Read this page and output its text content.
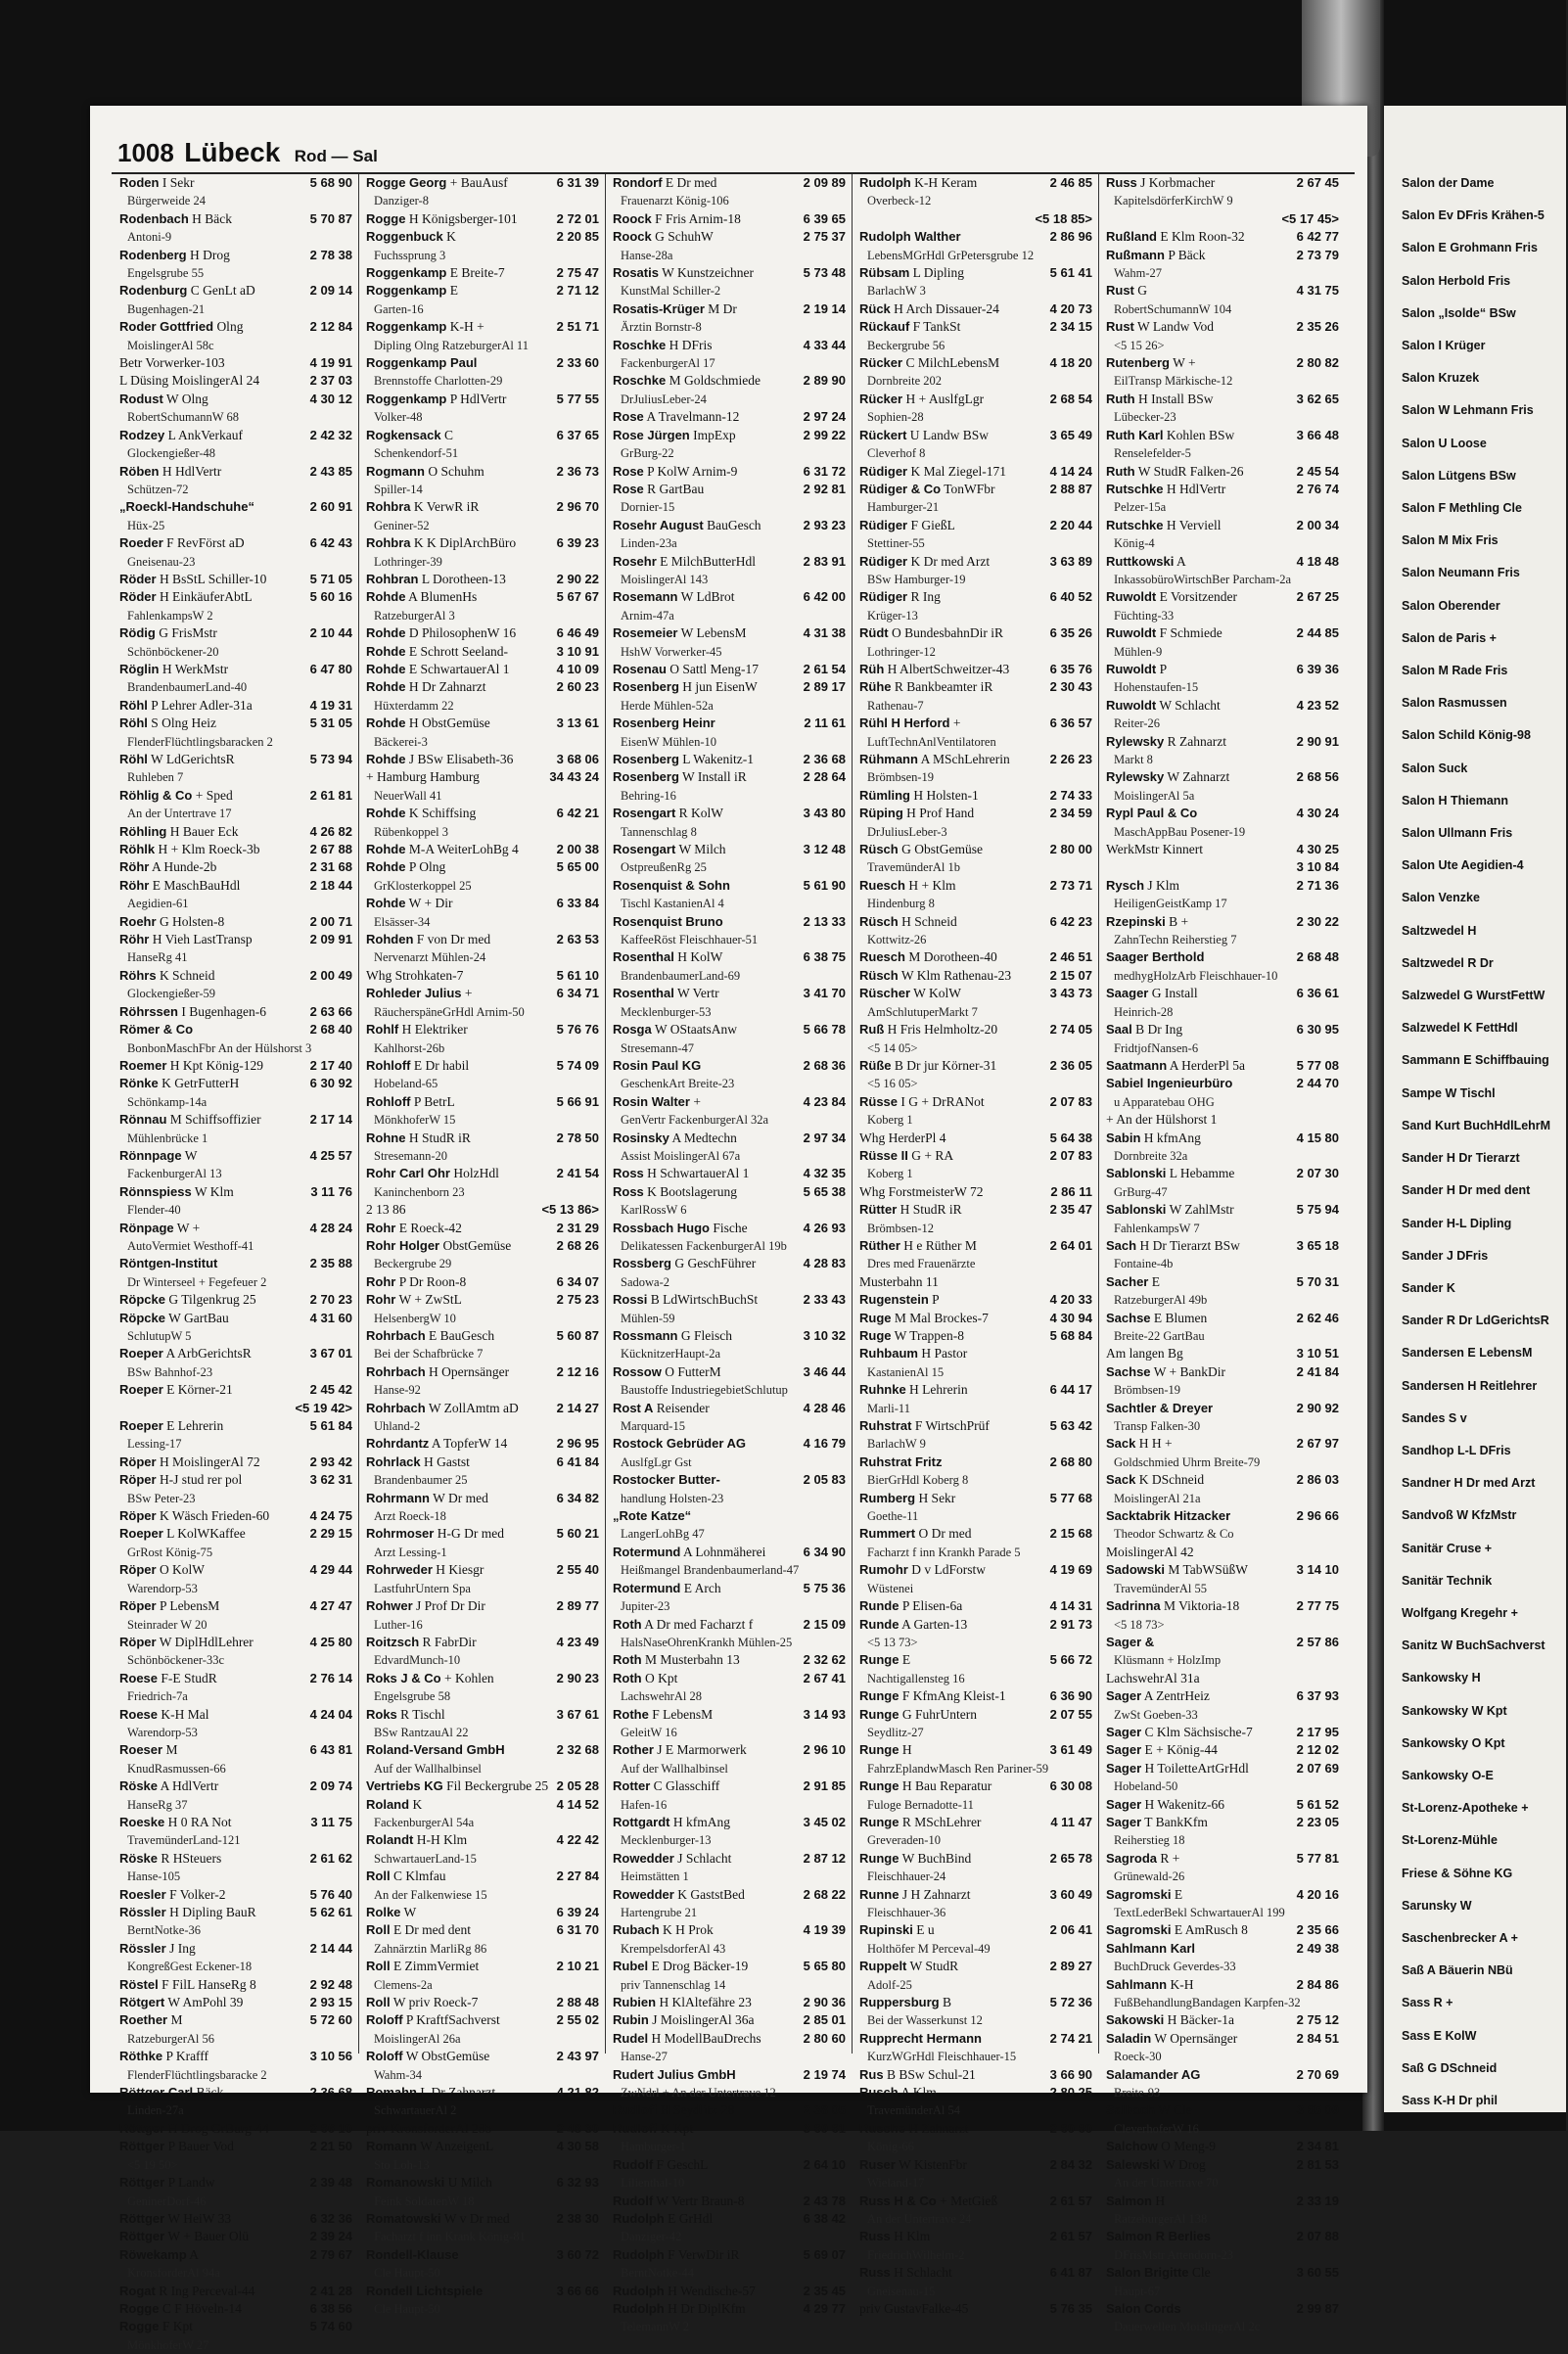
Salon der Dame
Salon Ev DFris Krähen-5
Salon E Grohmann Fris
Salon Herbold Fris
Salon „Isolde“ BSw
Salon I Krüger
Salon Kruzek
Salon W Lehmann Fris
Salon U Loose
Salon Lütgens BSw
Salon F Methling Cle
Salon M Mix Fris
Salon Neumann Fris
Salon Oberender
Salon de Paris +
Salon M Rade Fris
Salon Rasmussen
Salon Schild König-98
Salon Suck
Salon H Thiemann
Salon Ullmann Fris
Salon Ute Aegidien-4
Salon Venzke
Saltzwedel H
Saltzwedel R Dr
Salzwedel G WurstFettW
Salzwedel K FettHdl
Sammann E Schiffbauing
Sampe W Tischl
Sand Kurt BuchHdlLehrM
Sander H Dr Tierarzt
Sander H Dr med dent
Sander H-L Dipling
Sander J DFris
Sander K
Sander R Dr LdGerichtsR
Sandersen E LebensM
Sandersen H Reitlehrer
Sandes S v
Sandhop L-L DFris
Sandner H Dr med Arzt
Sandvoß W KfzMstr
Sanitär Cruse +
Sanitär Technik
Wolfgang Kregehr +
Sanitz W BuchSachverst
Sankowsky H
Sankowsky W Kpt
Sankowsky O Kpt
Sankowsky O-E
St-Lorenz-Apotheke +
St-Lorenz-Mühle
Friese & Söhne KG
Sarunsky W
Saschenbrecker A +
Saß A Bäuerin NBü
Sass R +
Sass E KolW
Saß G DSchneid
Sass K-H Dr phil
1008 Lübeck Rod — Sal
Roden I Sekr	5 68 90
Bürgerweide 24
Rodenbach H Bäck	5 70 87
Antoni-9
Rodenberg H Drog	2 78 38
Engelsgrube 55
Rodenburg C GenLt aD	2 09 14
Bugenhagen-21
Roder Gottfried Olng	2 12 84
MoislingerAl 58c
Betr Vorwerker-103	4 19 91
L Düsing MoislingerAl 24	2 37 03
Rodust W Olng	4 30 12
RobertSchumannW 68
Rodzey L AnkVerkauf	2 42 32
Glockengießer-48
Röben H HdlVertr	2 43 85
Schützen-72
„Roeckl-Handschuhe“	2 60 91
Hüx-25
Roeder F RevFörst aD	6 42 43
Gneisenau-23
Röder H BsStL Schiller-10	5 71 05
Röder H EinkäuferAbtL	5 60 16
FahlenkampsW 2
Rödig G FrisMstr	2 10 44
Schönböckener-20
Röglin H WerkMstr	6 47 80
BrandenbaumerLand-40
Röhl P Lehrer Adler-31a	4 19 31
Röhl S Olng Heiz	5 31 05
FlenderFlüchtlingsbaracken 2
Röhl W LdGerichtsR	5 73 94
Ruhleben 7
Röhlig & Co + Sped	2 61 81
An der Untertrave 17
Röhling H Bauer Eck	4 26 82
Röhlk H + Klm Roeck-3b	2 67 88
Röhr A Hunde-2b	2 31 68
Röhr E MaschBauHdl	2 18 44
Aegidien-61
Roehr G Holsten-8	2 00 71
Röhr H Vieh LastTransp	2 09 91
HanseRg 41
Röhrs K Schneid	2 00 49
Glockengießer-59
Röhrssen I Bugenhagen-6	2 63 66
Römer & Co	2 68 40
BonbonMaschFbr An der Hülshorst 3
Roemer H Kpt König-129	2 17 40
Rönke K GetrFutterH	6 30 92
Schönkamp-14a
Rönnau M Schiffsoffizier	2 17 14
Mühlenbrücke 1
Rönnpage W	4 25 57
FackenburgerAl 13
Rönnspiess W Klm	3 11 76
Flender-40
Rönpage W +	4 28 24
AutoVermiet Westhoff-41
Röntgen-Institut	2 35 88
Dr Winterseel + Fegefeuer 2
Röpcke G Tilgenkrug 25	2 70 23
Röpcke W GartBau	4 31 60
SchlutupW 5
Roeper A ArbGerichtsR	3 67 01
BSw Bahnhof-23
Roeper E Körner-21	2 45 42
<5 19 42>
Roeper E Lehrerin	5 61 84
Lessing-17
Röper H MoislingerAl 72	2 93 42
Röper H-J stud rer pol	3 62 31
BSw Peter-23
Röper K Wäsch Frieden-60	4 24 75
Roeper L KolWKaffee	2 29 15
GrRost König-75
Röper O KolW	4 29 44
Warendorp-53
Röper P LebensM	4 27 47
Steinrader W 20
Röper W DiplHdlLehrer	4 25 80
Schönböckener-33c
Roese F-E StudR	2 76 14
Friedrich-7a
Roese K-H Mal	4 24 04
Warendorp-53
Roeser M	6 43 81
KnudRasmussen-66
Röske A HdlVertr	2 09 74
HanseRg 37
Roeske H 0 RA Not	3 11 75
TravemünderLand-121
Röske R HSteuers	2 61 62
Hanse-105
Roesler F Volker-2	5 76 40
Rössler H Dipling BauR	5 62 61
BerntNotke-36
Rössler J Ing	2 14 44
KongreßGest Eckener-18
Röstel F FilL HanseRg 8	2 92 48
Rötgert W AmPohl 39	2 93 15
Roether M	5 72 60
RatzeburgerAl 56
Röthke P Krafff	3 10 56
FlenderFlüchtlingsbaracke 2
Röttger Carl Bäck	2 36 68
Linden-27a
Röttger H Drog GrBurg-44	2 66 10
Röttger P Bauer Vod	2 21 50
<5 19 50>
Röttger P Landw	2 39 48
GeninerDorf-46
Röttger W HeiW 33	6 32 36
Röttger W + Bauer Olü	2 39 24
Röwekamp A	2 79 67
KronsforderAl 94a
Rogat R Ing Perceval-44	2 41 28
Rogge C F Höveln-14	6 38 56
Rogge F Kpt	5 74 60
MönkhoferW 27
Rogge Georg + BauAusf	6 31 39
Danziger-8
Rogge H Königsberger-101	2 72 01
Roggenbuck K	2 20 85
Fuchssprung 3
Roggenkamp E Breite-7	2 75 47
Roggenkamp E	2 71 12
Garten-16
Roggenkamp K-H +	2 51 71
Dipling Olng RatzeburgerAl 11
Roggenkamp Paul	2 33 60
Brennstoffe Charlotten-29
Roggenkamp P HdlVertr	5 77 55
Volker-48
Rogkensack C	6 37 65
Schenkendorf-51
Rogmann O Schuhm	2 36 73
Spiller-14
Rohbra K VerwR iR	2 96 70
Geniner-52
Rohbra K K DiplArchBüro	6 39 23
Lothringer-39
Rohbran L Dorotheen-13	2 90 22
Rohde A BlumenHs	5 67 67
RatzeburgerAl 3
Rohde D PhilosophenW 16	6 46 49
Rohde E Schrott Seeland-	3 10 91
Rohde E SchwartauerAl 1	4 10 09
Rohde H Dr Zahnarzt	2 60 23
Hüxterdamm 22
Rohde H ObstGemüse	3 13 61
Bäckerei-3
Rohde J BSw Elisabeth-36	3 68 06
+ Hamburg Hamburg	34 43 24
NeuerWall 41
Rohde K Schiffsing	6 42 21
Rübenkoppel 3
Rohde M-A WeiterLohBg 4	2 00 38
Rohde P Olng	5 65 00
GrKlosterkoppel 25
Rohde W + Dir	6 33 84
Elsässer-34
Rohden F von Dr med	2 63 53
Nervenarzt Mühlen-24
Whg Strohkaten-7	5 61 10
Rohleder Julius +	6 34 71
RäucherspäneGrHdl Arnim-50
Rohlf H Elektriker	5 76 76
Kahlhorst-26b
Rohloff E Dr habil	5 74 09
Hobeland-65
Rohloff P BetrL	5 66 91
MönkhoferW 15
Rohne H StudR iR	2 78 50
Stresemann-20
Rohr Carl Ohr HolzHdl	2 41 54
Kaninchenborn 23
2 13 86	<5 13 86>
Rohr E Roeck-42	2 31 29
Rohr Holger ObstGemüse	2 68 26
Beckergrube 29
Rohr P Dr Roon-8	6 34 07
Rohr W + ZwStL	2 75 23
HelsenbergW 10
Rohrbach E BauGesch	5 60 87
Bei der Schafbrücke 7
Rohrbach H Opernsänger	2 12 16
Hanse-92
Rohrbach W ZollAmtm aD	2 14 27
Uhland-2
Rohrdantz A TopferW 14	2 96 95
Rohrlack H Gastst	6 41 84
Brandenbaumer 25
Rohrmann W Dr med	6 34 82
Arzt Roeck-18
Rohrmoser H-G Dr med	5 60 21
Arzt Lessing-1
Rohrweder H Kiesgr	2 55 40
LastfuhrUntern Spa
Rohwer J Prof Dr Dir	2 89 77
Luther-16
Roitzsch R FabrDir	4 23 49
EdvardMunch-10
Roks J & Co + Kohlen	2 90 23
Engelsgrube 58
Roks R Tischl	3 67 61
BSw RantzauAl 22
Roland-Versand GmbH	2 32 68
Auf der Wallhalbinsel
Vertriebs KG Fil Beckergrube 25 2 05 28
Roland K	4 14 52
FackenburgerAl 54a
Rolandt H-H Klm	4 22 42
SchwartauerLand-15
Roll C Klmfau	2 27 84
An der Falkenwiese 15
Rolke W	6 39 24
Roll E Dr med dent	6 31 70
Zahnärztin MarliRg 86
Roll E ZimmVermiet	2 10 21
Clemens-2a
Roll W priv Roeck-7	2 88 48
Roloff P KraftfSachverst	2 55 02
MoislingerAl 26a
Roloff W ObstGemüse	2 43 97
Wahm-34
Romahn L Dr Zahnarzt	4 21 82
SchwartauerAl 2
priv KronsforderAl 28b	2 48 30
Romann W AnzeigenL	4 30 58
Sto Loh-13
Romanowski U Milch	6 32 93
Feink SoldatenW 18
Romatowski W v Dr med	2 38 30
Facharzt f inn Krank König-81
Rondell-Klause	3 60 72
Cle Haupt-50
Rondell Lichtspiele	3 66 66
Cle Haupt-50
Rondorf E Dr med	2 09 89
Frauenarzt König-106
Roock F Fris Arnim-18	6 39 65
Roock G SchuhW	2 75 37
Hanse-28a
Rosatis W Kunstzeichner	5 73 48
KunstMal Schiller-2
Rosatis-Krüger M Dr	2 19 14
Ärztin Bornstr-8
Roschke H DFris	4 33 44
FackenburgerAl 17
Roschke M Goldschmiede	2 89 90
DrJuliusLeber-24
Rose A Travelmann-12	2 97 24
Rose Jürgen ImpExp	2 99 22
GrBurg-22
Rose P KolW Arnim-9	6 31 72
Rose R GartBau	2 92 81
Dornier-15
Rosehr August BauGesch	2 93 23
Linden-23a
Rosehr E MilchButterHdl	2 83 91
MoislingerAl 143
Rosemann W LdBrot	6 42 00
Arnim-47a
Rosemeier W LebensM	4 31 38
HshW Vorwerker-45
Rosenau O Sattl Meng-17	2 61 54
Rosenberg H jun EisenW	2 89 17
Herde Mühlen-52a
Rosenberg Heinr	2 11 61
EisenW Mühlen-10
Rosenberg L Wakenitz-1	2 36 68
Rosenberg W Install iR	2 28 64
Behring-16
Rosengart R KolW	3 43 80
Tannenschlag 8
Rosengart W Milch	3 12 48
OstpreußenRg 25
Rosenquist & Sohn	5 61 90
Tischl KastanienAl 4
Rosenquist Bruno	2 13 33
KaffeeRöst Fleischhauer-51
Rosenthal H KolW	6 38 75
BrandenbaumerLand-69
Rosenthal W Vertr	3 41 70
Mecklenburger-53
Rosga W OStaatsAnw	5 66 78
Stresemann-47
Rosin Paul KG	2 68 36
GeschenkArt Breite-23
Rosin Walter +	4 23 84
GenVertr FackenburgerAl 32a
Rosinsky A Medtechn	2 97 34
Assist MoislingerAl 67a
Ross H SchwartauerAl 1	4 32 35
Ross K Bootslagerung	5 65 38
KarlRossW 6
Rossbach Hugo Fische	4 26 93
Delikatessen FackenburgerAl 19b
Rossberg G GeschFührer	4 28 83
Sadowa-2
Rossi B LdWirtschBuchSt	2 33 43
Mühlen-59
Rossmann G Fleisch	3 10 32
KücknitzerHaupt-2a
Rossow O FutterM	3 46 44
Baustoffe IndustriegebietSchlutup
Rost A Reisender	4 28 46
Marquard-15
Rostock Gebrüder AG	4 16 79
AuslfgLgr Gst
Rostocker Butter-	2 05 83
handlung Holsten-23
„Rote Katze“
LangerLohBg 47
Rotermund A Lohnmäherei	6 34 90
Heißmangel Brandenbaumerland-47
Rotermund E Arch	5 75 36
Jupiter-23
Roth A Dr med Facharzt f	2 15 09
HalsNaseOhrenKrankh Mühlen-25
Roth M Musterbahn 13	2 32 62
Roth O Kpt	2 67 41
LachswehrAl 28
Rothe F LebensM	3 14 93
GeleitW 16
Rother J E Marmorwerk	2 96 10
Auf der Wallhalbinsel
Rotter C Glasschiff	2 91 85
Hafen-16
Rottgardt H kfmAng	3 45 02
Mecklenburger-13
Rowedder J Schlacht	2 87 12
Heimstätten 1
Rowedder K GaststBed	2 68 22
Hartengrube 21
Rubach K H Prok	4 19 39
KrempelsdorferAl 43
Rubel E Drog Bäcker-19	5 65 80
priv Tannenschlag 14
Rubien H KlAltefähre 23	2 90 36
Rubin J MoislingerAl 36a	2 85 01
Rudel H ModellBauDrechs	2 80 60
Hanse-27
Rudert Julius GmbH	2 19 74
ZwNdrl + An der Untertrave 12
Rudloff H Seydlitz-28	2 38 05
Rudloff K Kpt	3 69 61
Hamburger-1
Rudolf F GeschL	2 64 10
Lilienthal-10
Rudolf W Vertr Braun-8	2 43 78
Rudolph E GrHdl	6 38 42
Danziger-42
Rudolph F VerwDir iR	5 69 07
BerntNotke-44
Rudolph H Wendische-57	2 35 45
Rudolph H Dr DiplKfm	4 29 77
TelemannW 2
Rudolph K-H Keram	2 46 85
Overbeck-12
<5 18 85>
Rudolph Walther	2 86 96
LebensMGrHdl GrPetersgrube 12
Rübsam L Dipling	5 61 41
BarlachW 3
Rück H Arch Dissauer-24	4 20 73
Rückauf F TankSt	2 34 15
Beckergrube 56
Rücker C MilchLebensM	4 18 20
Dornbreite 202
Rücker H + AuslfgLgr	2 68 54
Sophien-28
Rückert U Landw BSw	3 65 49
Cleverhof 8
Rüdiger K Mal Ziegel-171	4 14 24
Rüdiger & Co TonWFbr	2 88 87
Hamburger-21
Rüdiger F GießL	2 20 44
Stettiner-55
Rüdiger K Dr med Arzt	3 63 89
BSw Hamburger-19
Rüdiger R Ing	6 40 52
Krüger-13
Rüdt O BundesbahnDir iR	6 35 26
Lothringer-12
Rüh H AlbertSchweitzer-43	6 35 76
Rühe R Bankbeamter iR	2 30 43
Rathenau-7
Rühl H Herford +	6 36 57
LuftTechnAnlVentilatoren
Rühmann A MSchLehrerin	2 26 23
Brömbsen-19
Rümling H Holsten-1	2 74 33
Rüping H Prof Hand	2 34 59
DrJuliusLeber-3
Rüsch G ObstGemüse	2 80 00
TravemünderAl 1b
Ruesch H + Klm	2 73 71
Hindenburg 8
Rüsch H Schneid	6 42 23
Kottwitz-26
Ruesch M Dorotheen-40	2 46 51
Rüsch W Klm Rathenau-23	2 15 07
Rüscher W KolW	3 43 73
AmSchlutuperMarkt 7
Ruß H Fris Helmholtz-20	2 74 05
<5 14 05>
Rüße B Dr jur Körner-31	2 36 05
<5 16 05>
Rüsse I G + DrRANot	2 07 83
Koberg 1
Whg HerderPl 4	5 64 38
Rüsse II G + RA	2 07 83
Koberg 1
Whg ForstmeisterW 72	2 86 11
Rütter H StudR iR	2 35 47
Brömbsen-12
Rüther H e Rüther M	2 64 01
Dres med Frauenärzte
Musterbahn 11
Rugenstein P	4 20 33
Ruge M Mal Brockes-7	4 30 94
Ruge W Trappen-8	5 68 84
Ruhbaum H Pastor
KastanienAl 15
Ruhnke H Lehrerin	6 44 17
Marli-11
Ruhstrat F WirtschPrüf	5 63 42
BarlachW 9
Ruhstrat Fritz	2 68 80
BierGrHdl Koberg 8
Rumberg H Sekr	5 77 68
Goethe-11
Rummert O Dr med	2 15 68
Facharzt f inn Krankh Parade 5
Rumohr D v LdForstw	4 19 69
Wüstenei
Runde P Elisen-6a	4 14 31
Runde A Garten-13	2 91 73
<5 13 73>
Runge E	5 66 72
Nachtigallensteg 16
Runge F KfmAng Kleist-1	6 36 90
Runge G FuhrUntern	2 07 55
Seydlitz-27
Runge H	3 61 49
FahrzEplandwMasch Ren Pariner-59
Runge H Bau Reparatur	6 30 08
Fuloge Bernadotte-11
Runge R MSchLehrer	4 11 47
Greveraden-10
Runge W BuchBind	2 65 78
Fleischhauer-24
Runne J H Zahnarzt	3 60 49
Fleischhauer-36
Rupinski E u	2 06 41
Holthöfer M Perceval-49
Ruppelt W StudR	2 89 27
Adolf-25
Ruppersburg B	5 72 36
Bei der Wasserkunst 12
Rupprecht Hermann	2 74 21
KurzWGrHdl Fleischhauer-15
Rus B BSw Schul-21	3 66 90
Rusch A Klm	2 80 25
TravemünderAl 54
Rusche H Zahnarzt	2 60 60
König-66
Ruser W KistenFbr	2 84 32
Wieland-17
Russ H & Co + MetGieß	2 61 57
An der Untertrave 24
Russ H Klm	2 61 57
FriedrichWilhelm-2
Russ H Schlacht	6 41 87
Gneisenau-15
priv GustavFalke-45	5 76 35
Russ J Korbmacher	2 67 45
KapitelsdörferKirchW 9
<5 17 45>
Rußland E Klm Roon-32	6 42 77
Rußmann P Bäck	2 73 79
Wahm-27
Rust G	4 31 75
RobertSchumannW 104
Rust W Landw Vod	2 35 26
<5 15 26>
Rutenberg W +	2 80 82
EilTransp Märkische-12
Ruth H Install BSw	3 62 65
Lübecker-23
Ruth Karl Kohlen BSw	3 66 48
Renselefelder-5
Ruth W StudR Falken-26	2 45 54
Rutschke H HdlVertr	2 76 74
Pelzer-15a
Rutschke H Verviell	2 00 34
König-4
Ruttkowski A	4 18 48
InkassobüroWirtschBer Parcham-2a
Ruwoldt E Vorsitzender	2 67 25
Füchting-33
Ruwoldt F Schmiede	2 44 85
Mühlen-9
Ruwoldt P	6 39 36
Hohenstaufen-15
Ruwoldt W Schlacht	4 23 52
Reiter-26
Rylewsky R Zahnarzt	2 90 91
Markt 8
Rylewsky W Zahnarzt	2 68 56
MoislingerAl 5a
Rypl Paul & Co	4 30 24
MaschAppBau Posener-19
WerkMstr Kinnert	4 30 25
3 10 84
Rysch J Klm	2 71 36
HeiligenGeistKamp 17
Rzepinski B +	2 30 22
ZahnTechn Reiherstieg 7
Saager Berthold	2 68 48
medhygHolzArb Fleischhauer-10
Saager G Install	6 36 61
Heinrich-28
Saal B Dr Ing	6 30 95
FridtjofNansen-6
Saatmann A HerderPl 5a	5 77 08
Sabiel Ingenieurbüro	2 44 70
u Apparatebau OHG
+ An der Hülshorst 1
Sabin H kfmAng	4 15 80
Dornbreite 32a
Sablonski L Hebamme	2 07 30
GrBurg-47
Sablonski W ZahlMstr	5 75 94
FahlenkampsW 7
Sach H Dr Tierarzt BSw	3 65 18
Fontaine-4b
Sacher E	5 70 31
RatzeburgerAl 49b
Sachse E Blumen	2 62 46
Breite-22 GartBau
Am langen Bg	3 10 51
Sachse W + BankDir	2 41 84
Brömbsen-19
Sachtler & Dreyer	2 90 92
Transp Falken-30
Sack H H +	2 67 97
Goldschmied Uhrm Breite-79
Sack K DSchneid	2 86 03
MoislingerAl 21a
Sacktabrik Hitzacker	2 96 66
Theodor Schwartz & Co
MoislingerAl 42
Sadowski M TabWSüßW	3 14 10
TravemünderAl 55
Sadrinna M Viktoria-18	2 77 75
<5 18 73>
Sager &	2 57 86
Klüsmann + HolzImp
LachswehrAl 31a
Sager A ZentrHeiz	6 37 93
ZwSt Goeben-33
Sager C Klm Sächsische-7	2 17 95
Sager E + König-44	2 12 02
Sager H ToiletteArtGrHdl	2 07 69
Hobeland-50
Sager H Wakenitz-66	5 61 52
Sager T BankKfm	2 23 05
Reiherstieg 18
Sagroda R +	5 77 81
Grünewald-26
Sagromski E	4 20 16
TextLederBekl SchwartauerAl 199
Sagromski E AmRusch 8	2 35 66
Sahlmann Karl	2 49 38
BuchDruck Geverdes-33
Sahlmann K-H	2 84 86
FußBehandlungBandagen Karpfen-32
Sakowski H Bäcker-1a	2 75 12
Saladin W Opernsänger	2 84 51
Roeck-30
Salamander AG	2 70 69
Breite-93
Salbach W Cle	3 65 09
CleverhoferW 16
Salchow O Meng-9	2 34 81
Salewski W Drog	2 81 53
An der Untertrave 70
Salmon H	2 33 19
RatzeburgerAl 138
Salmon R Berlies	2 07 88
DFrisMstr Attendorn-23
Salon Brigitte Cle	3 60 55
Haupt-67
Salon Cords	2 99 87
Dauerwellen MoislingerAl 2c
